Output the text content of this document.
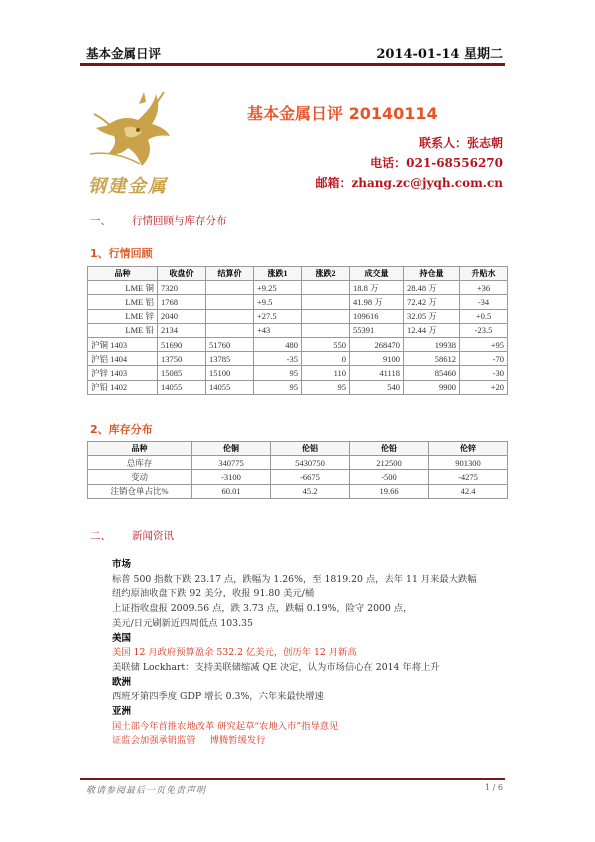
基本金属日评	2014-01-14 星期二
钢建金属
基本金属日评 20140114
联系人：张志朝
电话：021-68556270
邮箱：zhang.zc@jyqh.com.cn
一、 行情回顾与库存分布
1、行情回顾
品种	收盘价	结算价	涨跌1	涨跌2	成交量	持仓量	升贴水
LME 铜	7320		+9.25		18.8 万	28.48 万	+36
LME 铝	1768		+9.5		41.98 万	72.42 万	-34
LME 锌	2040		+27.5		109616	32.05 万	+0.5
LME 铅	2134		+43		55391	12.44 万	-23.5
沪铜 1403	51690	51760	480	550	268470	19938	+95
沪铝 1404	13750	13785	-35	0	9100	58612	-70
沪锌 1403	15085	15100	95	110	41118	85460	-30
沪铅 1402	14055	14055	95	95	540	9900	+20
2、库存分布
品种	伦铜	伦铝	伦铅	伦锌
总库存	340775	5430750	212500	901300
变动	-3100	-6675	-500	-4275
注销仓单占比%	60.01	45.2	19.66	42.4
二、 新闻资讯
市场
标普 500 指数下跌 23.17 点，跌幅为 1.26%，至 1819.20 点，去年 11 月来最大跌幅
纽约原油收盘下跌 92 美分，收报 91.80 美元/桶
上证指收盘报 2009.56 点，跌 3.73 点，跌幅 0.19%，险守 2000 点，
美元/日元刷新近四周低点 103.35
美国
美国 12 月政府预算盈余 532.2 亿美元，创历年 12 月新高
美联储 Lockhart：支持美联储缩减 QE 决定，认为市场信心在 2014 年将上升
欧洲
西班牙第四季度 GDP 增长 0.3%，六年来最快增速
亚洲
国土部今年首推农地改革 研究起草“农地入市”指导意见
证监会加强承销监管 博腾暂缓发行
敬请参阅最后一页免责声明	1 / 6
